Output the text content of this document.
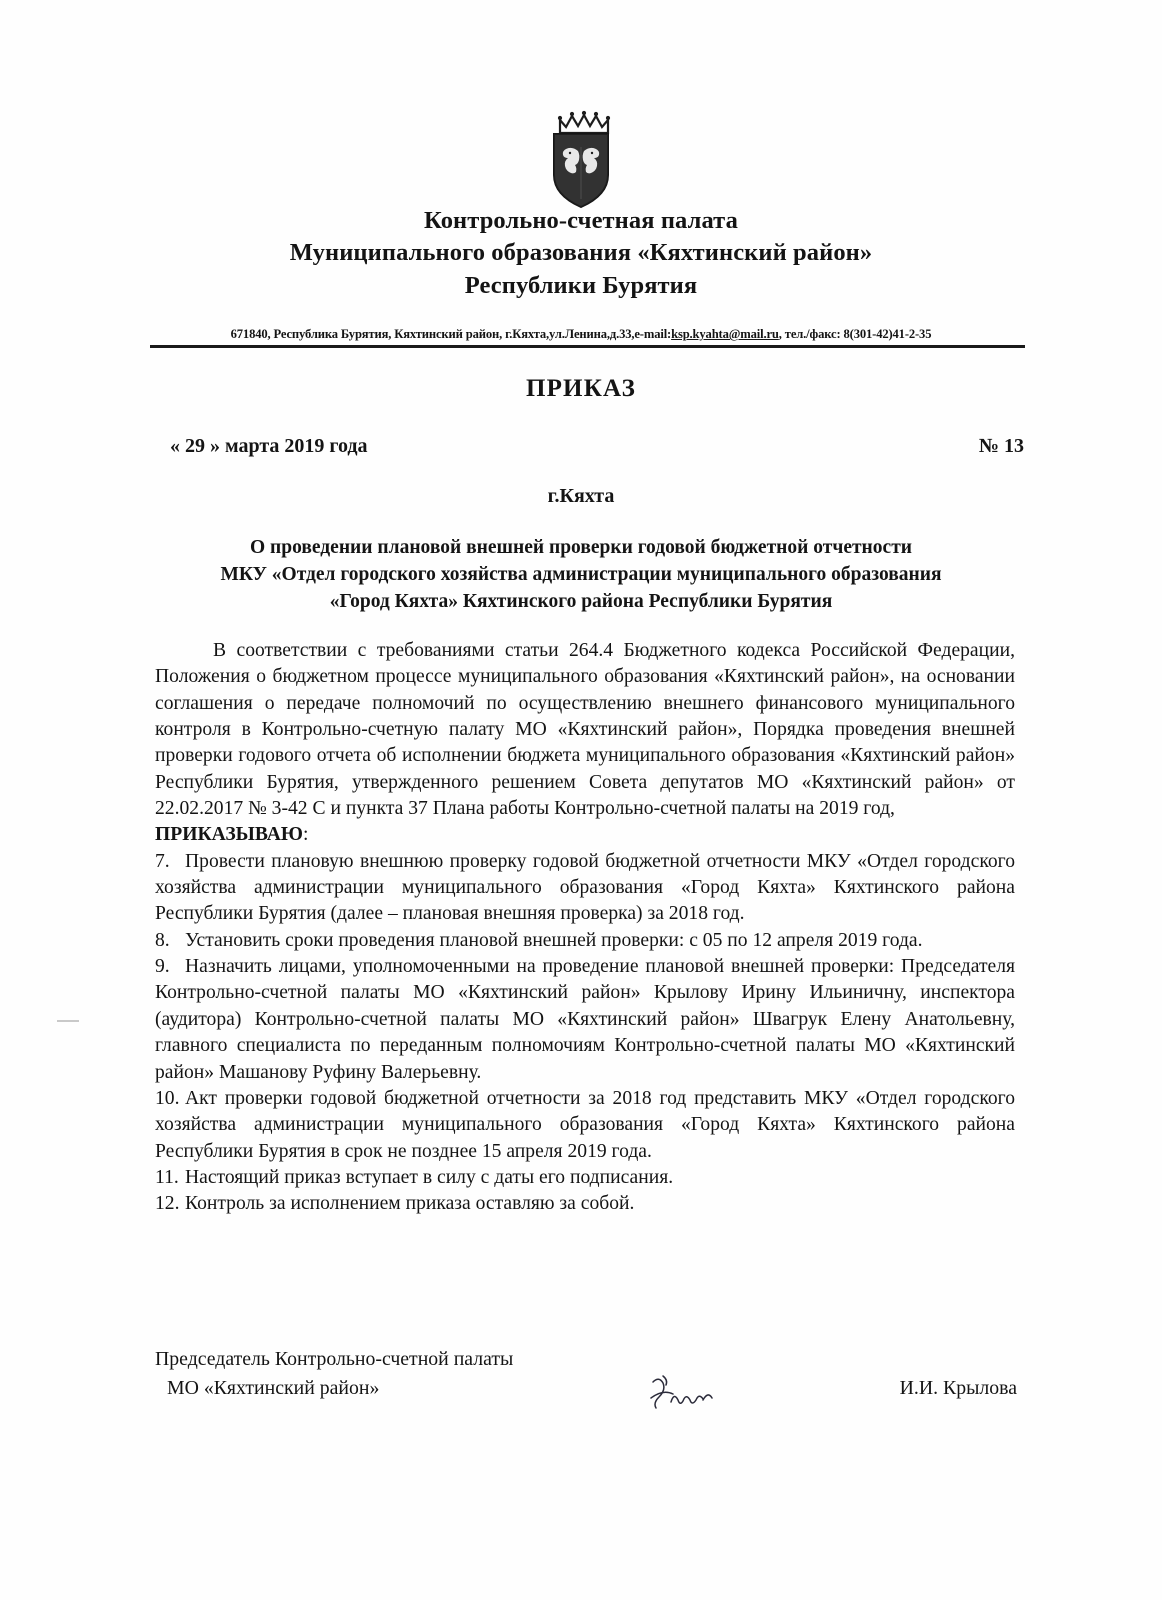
Контрольно-счетная палата
Муниципального образования «Кяхтинский район»
Республики Бурятия
671840, Республика Бурятия, Кяхтинский район, г.Кяхта,ул.Ленина,д.33,e-mail:ksp.kyahta@mail.ru, тел./факс: 8(301-42)41-2-35
ПРИКАЗ
« 29 » марта 2019 года	№ 13
г.Кяхта
О проведении плановой внешней проверки годовой бюджетной отчетности
МКУ «Отдел городского хозяйства администрации муниципального образования
«Город Кяхта» Кяхтинского района Республики Бурятия

В соответствии с требованиями статьи 264.4 Бюджетного кодекса Российской Федерации, Положения о бюджетном процессе муниципального образования «Кяхтинский район», на основании соглашения о передаче полномочий по осуществлению внешнего финансового муниципального контроля в Контрольно-счетную палату МО «Кяхтинский район», Порядка проведения внешней проверки годового отчета об исполнении бюджета муниципального образования «Кяхтинский район» Республики Бурятия, утвержденного решением Совета депутатов МО «Кяхтинский район» от 22.02.2017 № 3-42 С и пункта 37 Плана работы Контрольно-счетной палаты на 2019 год,

ПРИКАЗЫВАЮ:

7. Провести плановую внешнюю проверку годовой бюджетной отчетности МКУ «Отдел городского хозяйства администрации муниципального образования «Город Кяхта» Кяхтинского района Республики Бурятия (далее – плановая внешняя проверка) за 2018 год.

8. Установить сроки проведения плановой внешней проверки: с 05 по 12 апреля 2019 года.

9. Назначить лицами, уполномоченными на проведение плановой внешней проверки: Председателя Контрольно-счетной палаты МО «Кяхтинский район» Крылову Ирину Ильиничну, инспектора (аудитора) Контрольно-счетной палаты МО «Кяхтинский район» Швагрук Елену Анатольевну, главного специалиста по переданным полномочиям Контрольно-счетной палаты МО «Кяхтинский район» Машанову Руфину Валерьевну.

10. Акт проверки годовой бюджетной отчетности за 2018 год представить МКУ «Отдел городского хозяйства администрации муниципального образования «Город Кяхта» Кяхтинского района Республики Бурятия в срок не позднее 15 апреля 2019 года.

11. Настоящий приказ вступает в силу с даты его подписания.

12. Контроль за исполнением приказа оставляю за собой.

Председатель Контрольно-счетной палаты
МО «Кяхтинский район»	И.И. Крылова
